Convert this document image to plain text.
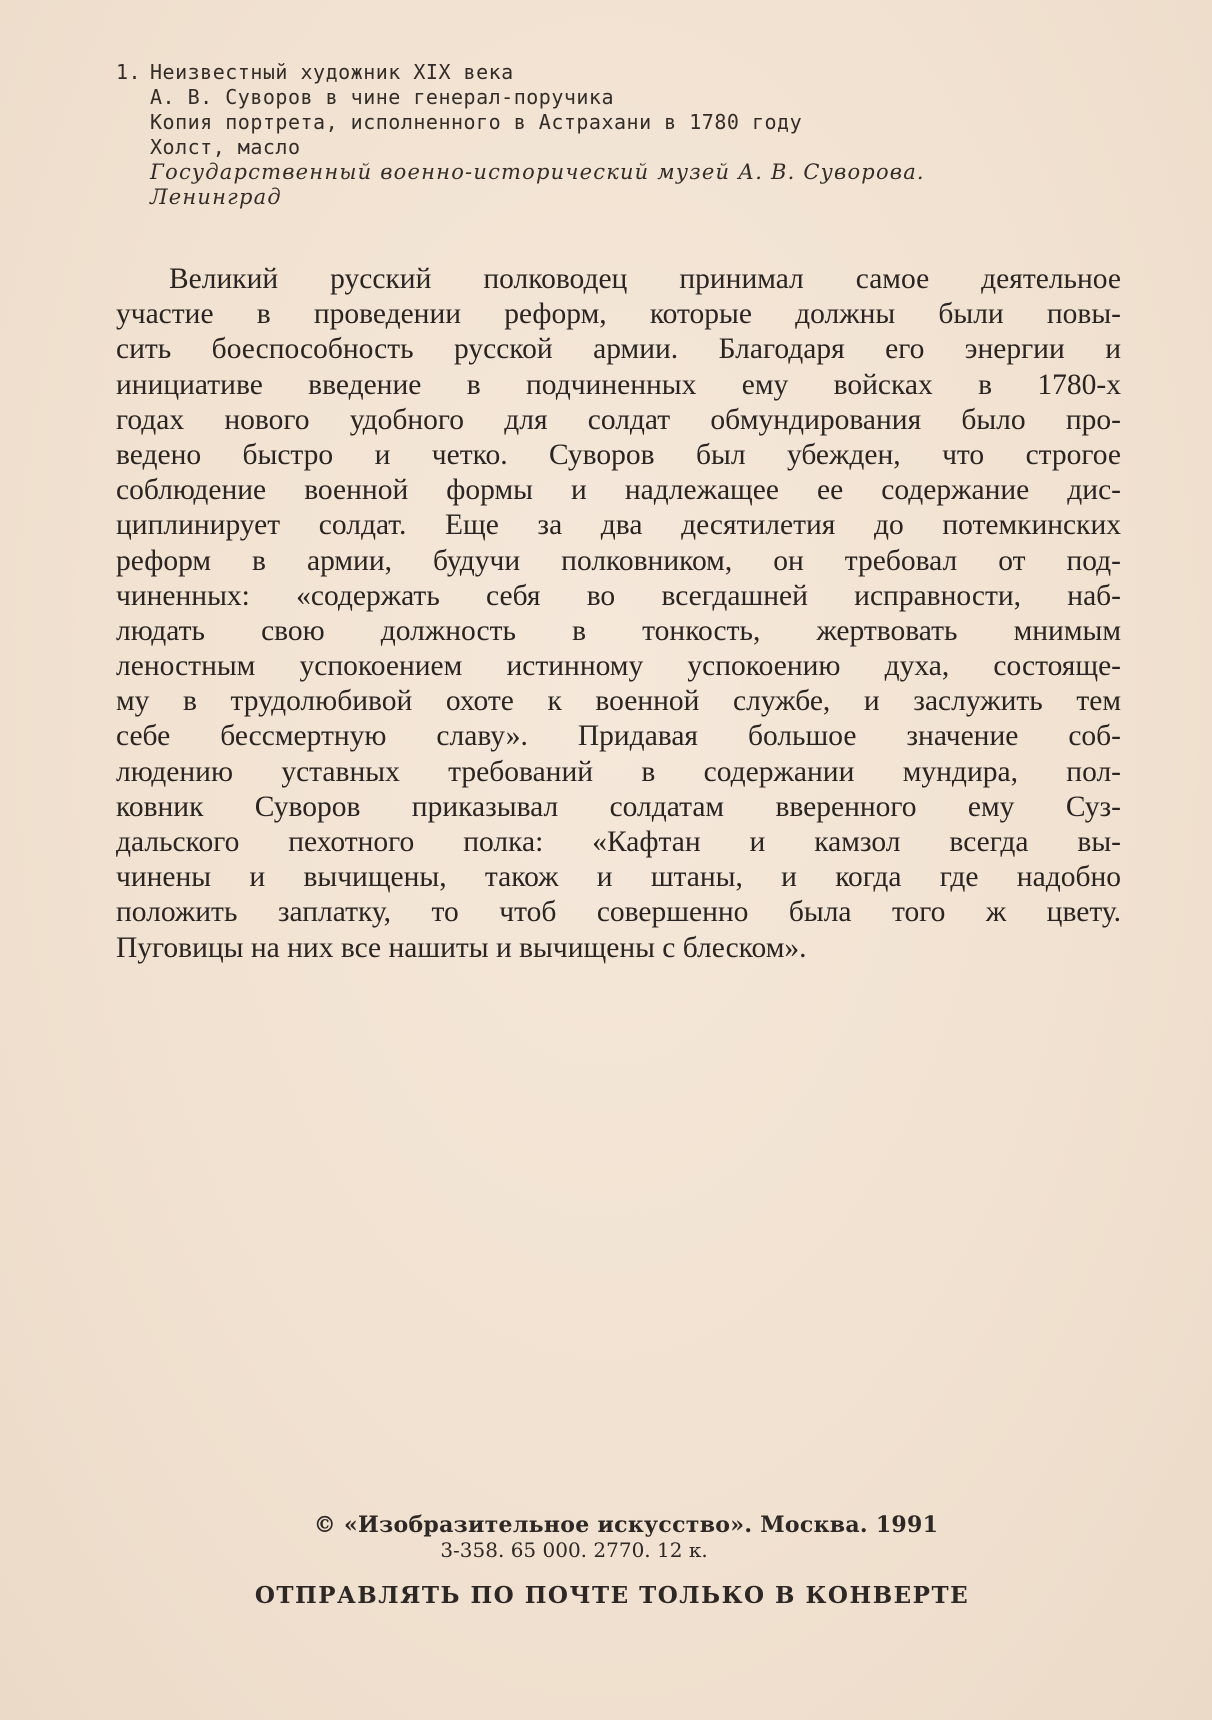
1. Неизвестный художник XIX века
А. В. Суворов в чине генерал-поручика
Копия портрета, исполненного в Астрахани в 1780 году
Холст, масло
Государственный военно-исторический музей А. В. Суворова.
Ленинград
Великий русский полководец принимал самое деятельное
участие в проведении реформ, которые должны были повы-
сить боеспособность русской армии. Благодаря его энергии и
инициативе введение в подчиненных ему войсках в 1780-х
годах нового удобного для солдат обмундирования было про-
ведено быстро и четко. Суворов был убежден, что строгое
соблюдение военной формы и надлежащее ее содержание дис-
циплинирует солдат. Еще за два десятилетия до потемкинских
реформ в армии, будучи полковником, он требовал от под-
чиненных: «содержать себя во всегдашней исправности, наб-
людать свою должность в тонкость, жертвовать мнимым
леностным успокоением истинному успокоению духа, состояще-
му в трудолюбивой охоте к военной службе, и заслужить тем
себе бессмертную славу». Придавая большое значение соб-
людению уставных требований в содержании мундира, пол-
ковник Суворов приказывал солдатам вверенного ему Суз-
дальского пехотного полка: «Кафтан и камзол всегда вы-
чинены и вычищены, також и штаны, и когда где надобно
положить заплатку, то чтоб совершенно была того ж цвету.
Пуговицы на них все нашиты и вычищены с блеском».
© «Изобразительное искусство». Москва. 1991
3-358. 65 000. 2770. 12 к.
ОТПРАВЛЯТЬ ПО ПОЧТЕ ТОЛЬКО В КОНВЕРТЕ
